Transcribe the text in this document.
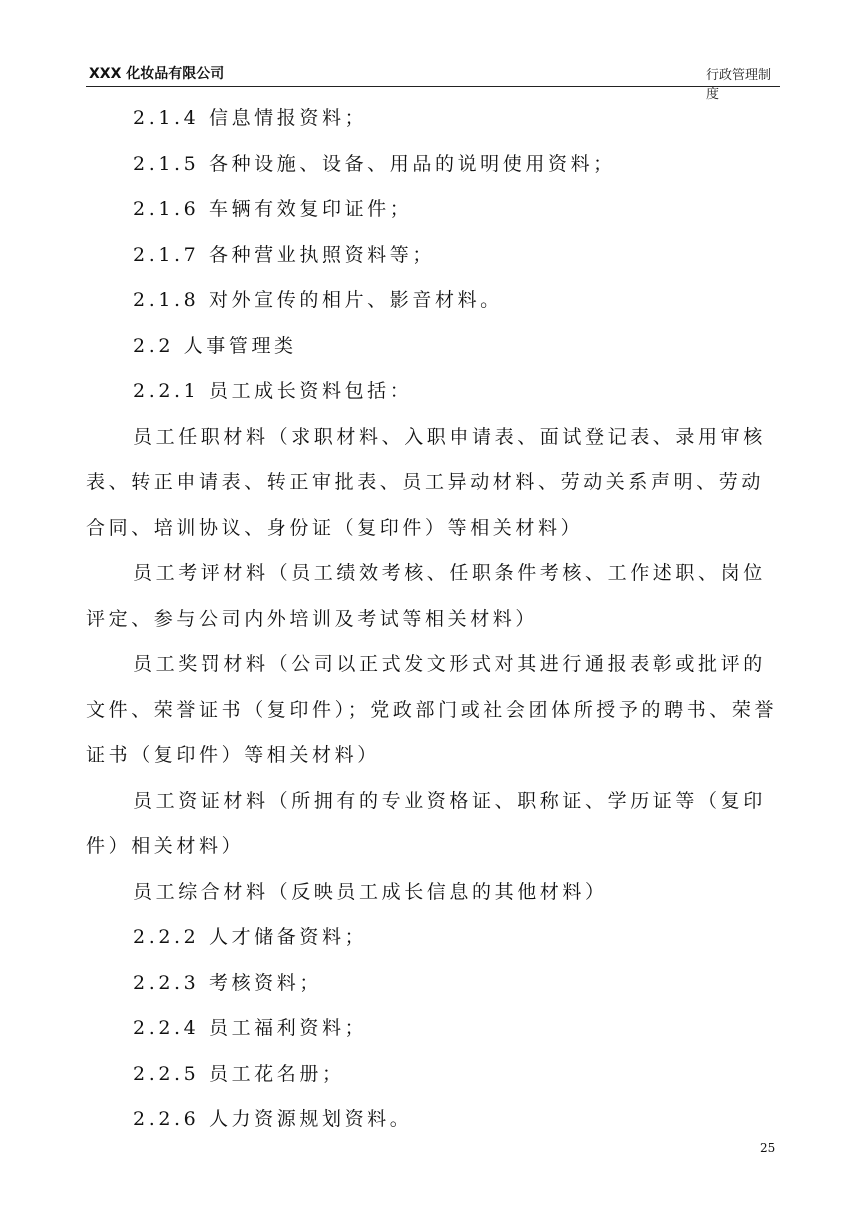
XXX 化妆品有限公司	行政管理制度

2.1.4 信息情报资料；

2.1.5 各种设施、设备、用品的说明使用资料；

2.1.6 车辆有效复印证件；

2.1.7 各种营业执照资料等；

2.1.8 对外宣传的相片、影音材料。

2.2 人事管理类

2.2.1 员工成长资料包括：

员工任职材料（求职材料、入职申请表、面试登记表、录用审核表、转正申请表、转正审批表、员工异动材料、劳动关系声明、劳动合同、培训协议、身份证（复印件）等相关材料）

员工考评材料（员工绩效考核、任职条件考核、工作述职、岗位评定、参与公司内外培训及考试等相关材料）

员工奖罚材料（公司以正式发文形式对其进行通报表彰或批评的文件、荣誉证书（复印件）；党政部门或社会团体所授予的聘书、荣誉证书（复印件）等相关材料）

员工资证材料（所拥有的专业资格证、职称证、学历证等（复印件）相关材料）

员工综合材料（反映员工成长信息的其他材料）

2.2.2 人才储备资料；

2.2.3 考核资料；

2.2.4 员工福利资料；

2.2.5 员工花名册；

2.2.6 人力资源规划资料。

25
